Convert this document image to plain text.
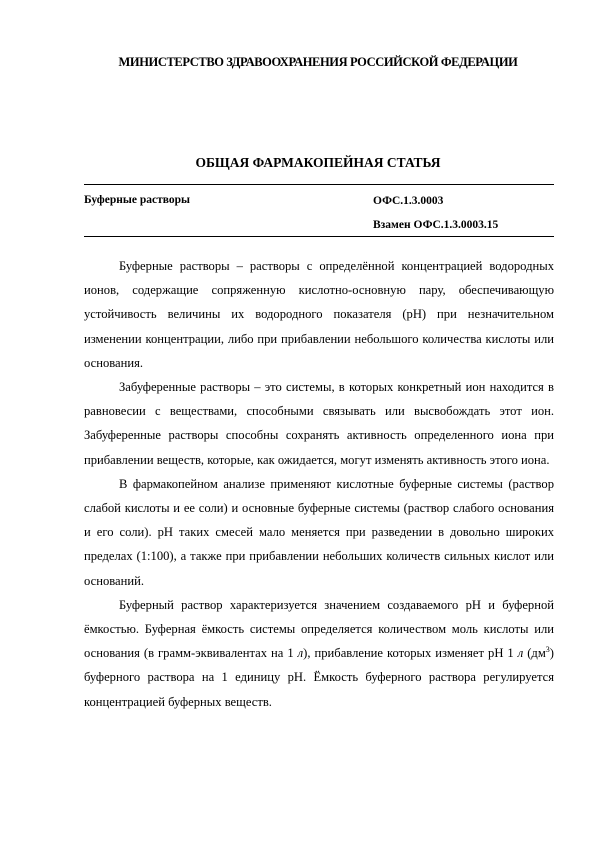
МИНИСТЕРСТВО ЗДРАВООХРАНЕНИЯ РОССИЙСКОЙ ФЕДЕРАЦИИ
ОБЩАЯ ФАРМАКОПЕЙНАЯ СТАТЬЯ
Буферные растворы	ОФС.1.3.0003
Взамен ОФС.1.3.0003.15

Буферные растворы – растворы с определённой концентрацией водородных ионов, содержащие сопряженную кислотно-основную пару, обеспечивающую устойчивость величины их водородного показателя (pH) при незначительном изменении концентрации, либо при прибавлении небольшого количества кислоты или основания.

Забуференные растворы – это системы, в которых конкретный ион находится в равновесии с веществами, способными связывать или высвобождать этот ион. Забуференные растворы способны сохранять активность определенного иона при прибавлении веществ, которые, как ожидается, могут изменять активность этого иона.

В фармакопейном анализе применяют кислотные буферные системы (раствор слабой кислоты и ее соли) и основные буферные системы (раствор слабого основания и его соли). pH таких смесей мало меняется при разведении в довольно широких пределах (1:100), а также при прибавлении небольших количеств сильных кислот или оснований.

Буферный раствор характеризуется значением создаваемого pH и буферной ёмкостью. Буферная ёмкость системы определяется количеством моль кислоты или основания (в грамм-эквивалентах на 1 л), прибавление которых изменяет pH 1 л $(дм^3)$ буферного раствора на 1 единицу pH. Ёмкость буферного раствора регулируется концентрацией буферных веществ.
